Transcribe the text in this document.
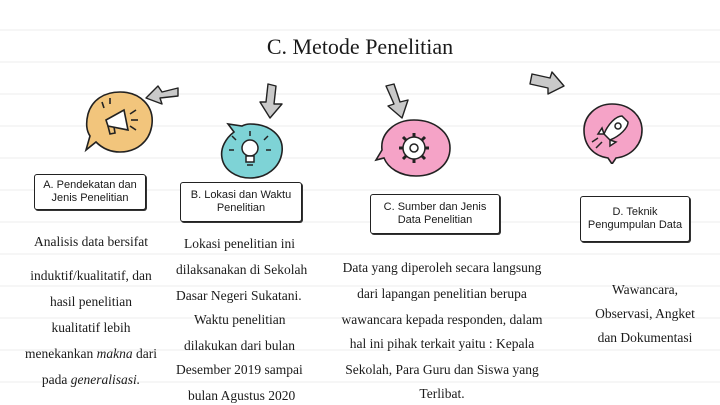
C. Metode Penelitian
A. Pendekatan dan Jenis Penelitian	B. Lokasi dan Waktu Penelitian	C. Sumber dan Jenis Data Penelitian
D. Teknik Pengumpulan Data
Analisis data bersifat
induktif/kualitatif, dan
hasil penelitian
kualitatif lebih
menekankan makna dari
pada generalisasi.
Lokasi penelitian ini
dilaksanakan di Sekolah
Dasar Negeri Sukatani.
Waktu penelitian
dilakukan dari bulan
Desember 2019 sampai
bulan Agustus 2020
Data yang diperoleh secara langsung
dari lapangan penelitian berupa
wawancara kepada responden, dalam
hal ini pihak terkait yaitu : Kepala
Sekolah, Para Guru dan Siswa yang
Terlibat.
Wawancara,
Observasi, Angket
dan Dokumentasi
